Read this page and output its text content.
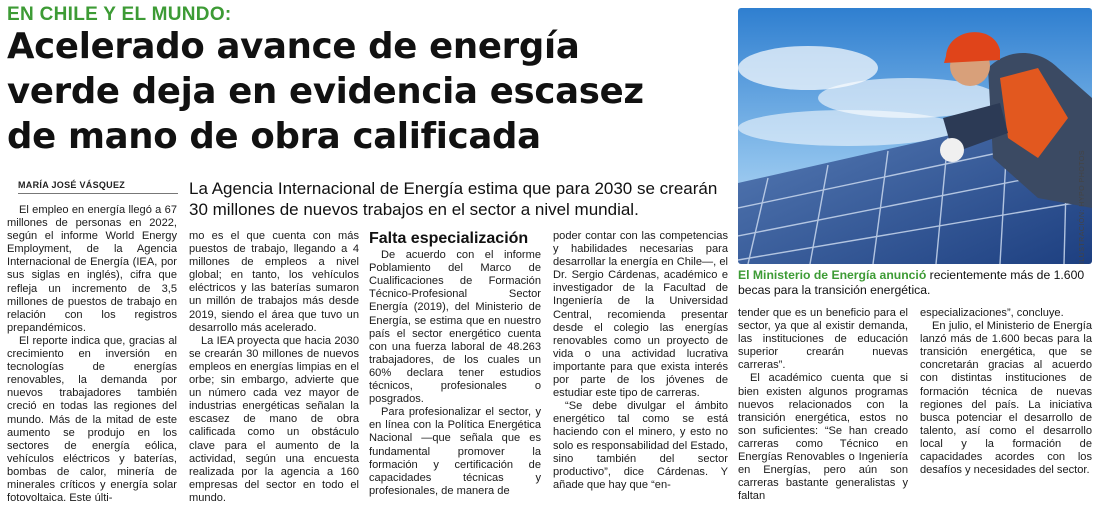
EN CHILE Y EL MUNDO:
Acelerado avance de energía
verde deja en evidencia escasez
de mano de obra calificada
MARÍA JOSÉ VÁSQUEZ	La Agencia Internacional de Energía estima que para 2030 se crearán 30 millones de nuevos trabajos en el sector a nivel mundial.

El empleo en energía llegó a 67 millones de personas en 2022, según el informe World Energy Employment, de la Agencia Internacional de Energía (IEA, por sus siglas en inglés), cifra que refleja un incremento de 3,5 millones de puestos de trabajo en relación con los registros prepandémicos.

El reporte indica que, gracias al crecimiento en inversión en tecnologías de energías renovables, la demanda por nuevos trabajadores también creció en todas las regiones del mundo. Más de la mitad de este aumento se produjo en los sectores de energía eólica, vehículos eléctricos y baterías, bombas de calor, minería de minerales críticos y energía solar fotovoltaica. Este últi-

mo es el que cuenta con más puestos de trabajo, llegando a 4 millones de empleos a nivel global; en tanto, los vehículos eléctricos y las baterías sumaron un millón de trabajos más desde 2019, siendo el área que tuvo un desarrollo más acelerado.

La IEA proyecta que hacia 2030 se crearán 30 millones de nuevos empleos en energías limpias en el orbe; sin embargo, advierte que un número cada vez mayor de industrias energéticas señalan la escasez de mano de obra calificada como un obstáculo clave para el aumento de la actividad, según una encuesta realizada por la agencia a 160 empresas del sector en todo el mundo.

Falta especialización

De acuerdo con el informe Poblamiento del Marco de Cualificaciones de Formación Técnico-Profesional Sector Energía (2019), del Ministerio de Energía, se estima que en nuestro país el sector energético cuenta con una fuerza laboral de 48.263 trabajadores, de los cuales un 60% declara tener estudios técnicos, profesionales o posgrados.

Para profesionalizar el sector, y en línea con la Política Energética Nacional —que señala que es fundamental promover la formación y certificación de capacidades técnicas y profesionales, de manera de

poder contar con las competencias y habilidades necesarias para desarrollar la energía en Chile—, el Dr. Sergio Cárdenas, académico e investigador de la Facultad de Ingeniería de la Universidad Central, recomienda presentar desde el colegio las energías renovables como un proyecto de vida o una actividad lucrativa importante para que exista interés por parte de los jóvenes de estudiar este tipo de carreras.

“Se debe divulgar el ámbito energético tal como se está haciendo con el minero, y esto no solo es responsabilidad del Estado, sino también del sector productivo”, dice Cárdenas. Y añade que hay que “en-

ILUSTRACIÓN: HYPO PHOTOS
El Ministerio de Energía anunció recientemente más de 1.600 becas para la transición energética.

tender que es un beneficio para el sector, ya que al existir demanda, las instituciones de educación superior crearán nuevas carreras”.

El académico cuenta que si bien existen algunos programas nuevos relacionados con la transición energética, estos no son suficientes: “Se han creado carreras como Técnico en Energías Renovables o Ingeniería en Energías, pero aún son carreras bastante generalistas y faltan

especializaciones”, concluye.

En julio, el Ministerio de Energía lanzó más de 1.600 becas para la transición energética, que se concretarán gracias al acuerdo con distintas instituciones de formación técnica de nuevas regiones del país. La iniciativa busca potenciar el desarrollo de talento, así como el desarrollo local y la formación de capacidades acordes con los desafíos y necesidades del sector.
